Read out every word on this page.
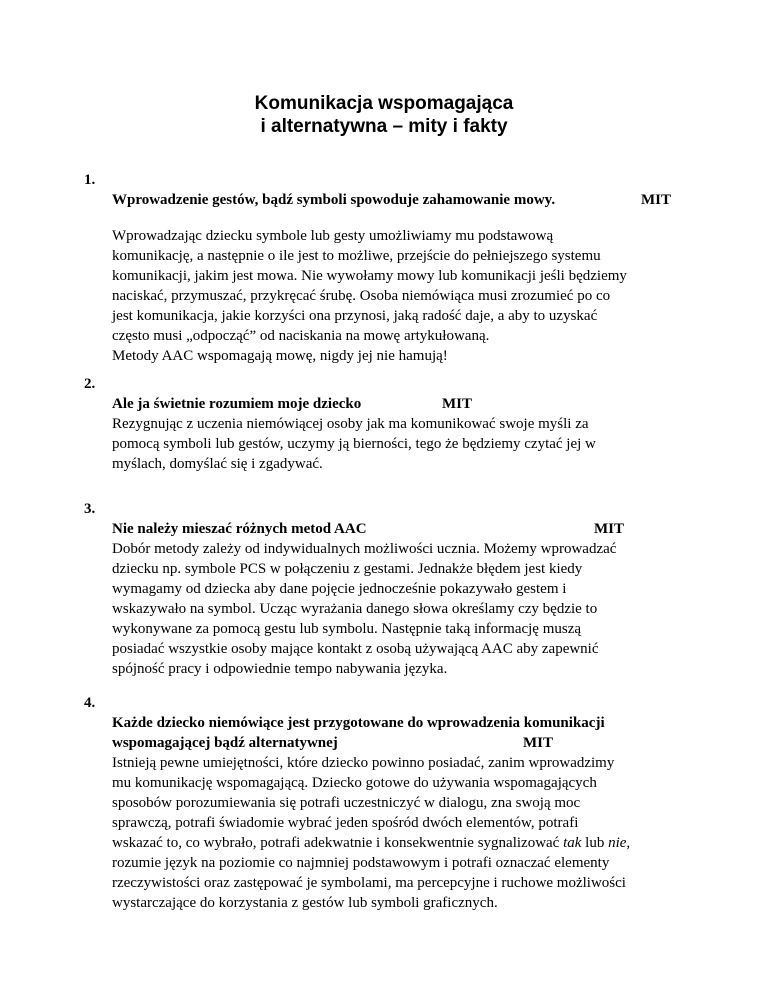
Komunikacja wspomagająca
i alternatywna – mity i fakty
1.
Wprowadzenie gestów, bądź symboli spowoduje zahamowanie mowy.	MIT
Wprowadzając dziecku symbole lub gesty umożliwiamy mu podstawową
komunikację, a następnie o ile jest to możliwe, przejście do pełniejszego systemu
komunikacji, jakim jest mowa. Nie wywołamy mowy lub komunikacji jeśli będziemy
naciskać, przymuszać, przykręcać śrubę. Osoba niemówiąca musi zrozumieć po co
jest komunikacja, jakie korzyści ona przynosi, jaką radość daje, a aby to uzyskać
często musi „odpocząć” od naciskania na mowę artykułowaną.
Metody AAC wspomagają mowę, nigdy jej nie hamują!
2.
Ale ja świetnie rozumiem moje dziecko	MIT
Rezygnując z uczenia niemówiącej osoby jak ma komunikować swoje myśli za
pomocą symboli lub gestów, uczymy ją bierności, tego że będziemy czytać jej w
myślach, domyślać się i zgadywać.
3.
Nie należy mieszać różnych metod AAC	MIT
Dobór metody zależy od indywidualnych możliwości ucznia. Możemy wprowadzać
dziecku np. symbole PCS w połączeniu z gestami. Jednakże błędem jest kiedy
wymagamy od dziecka aby dane pojęcie jednocześnie pokazywało gestem i
wskazywało na symbol. Ucząc wyrażania danego słowa określamy czy będzie to
wykonywane za pomocą gestu lub symbolu. Następnie taką informację muszą
posiadać wszystkie osoby mające kontakt z osobą używającą AAC aby zapewnić
spójność pracy i odpowiednie tempo nabywania języka.
4.
Każde dziecko niemówiące jest przygotowane do wprowadzenia komunikacji
wspomagającej bądź alternatywnej	MIT
Istnieją pewne umiejętności, które dziecko powinno posiadać, zanim wprowadzimy
mu komunikację wspomagającą. Dziecko gotowe do używania wspomagających
sposobów porozumiewania się potrafi uczestniczyć w dialogu, zna swoją moc
sprawczą, potrafi świadomie wybrać jeden spośród dwóch elementów, potrafi
wskazać to, co wybrało, potrafi adekwatnie i konsekwentnie sygnalizować tak lub nie,
rozumie język na poziomie co najmniej podstawowym i potrafi oznaczać elementy
rzeczywistości oraz zastępować je symbolami, ma percepcyjne i ruchowe możliwości
wystarczające do korzystania z gestów lub symboli graficznych.
